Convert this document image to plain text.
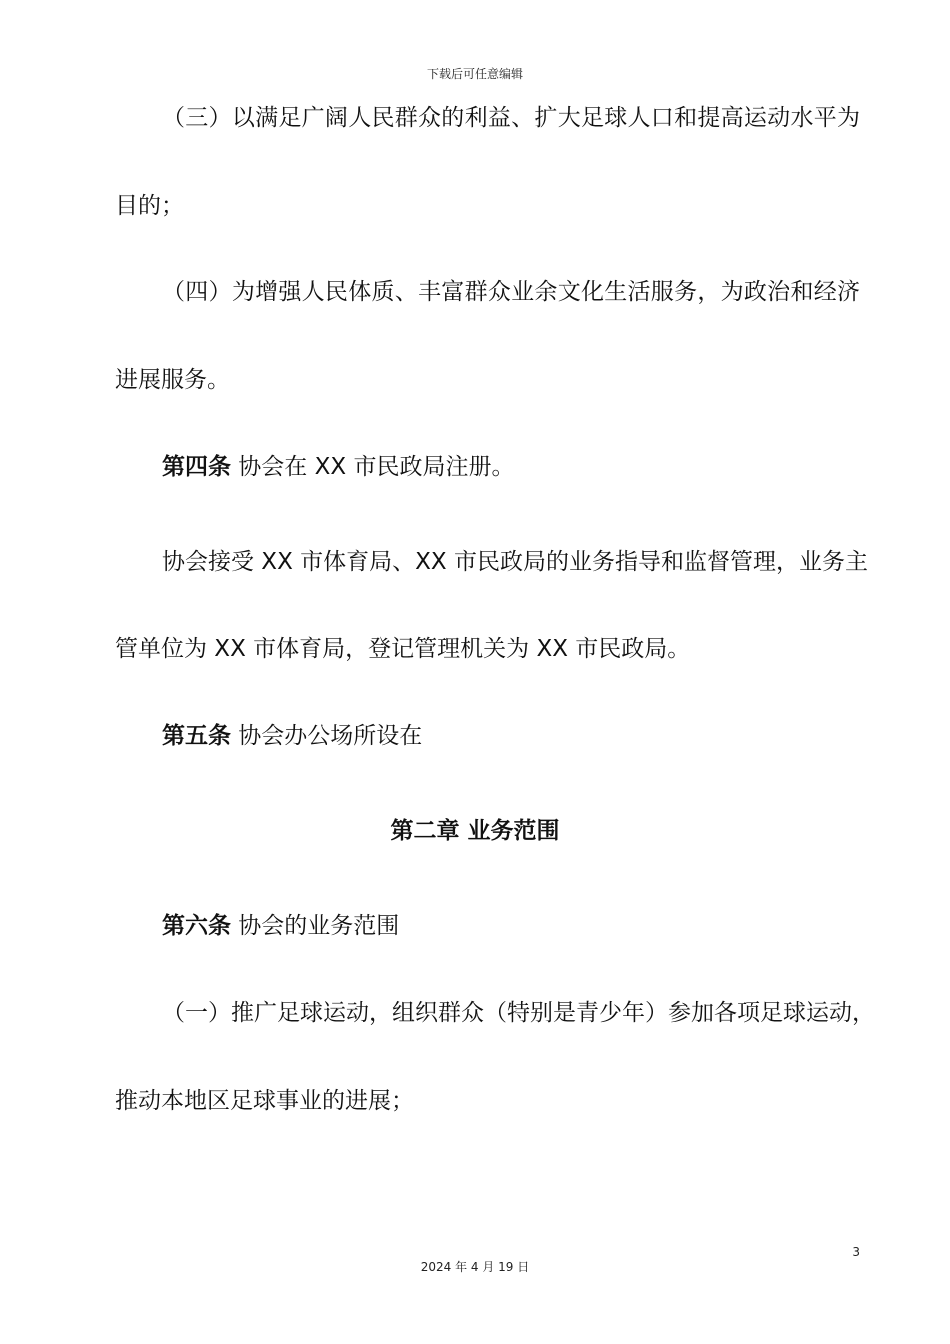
下载后可任意编辑
（三）以满足广阔人民群众的利益、扩大足球人口和提高运动水平为
目的；
（四）为增强人民体质、丰富群众业余文化生活服务，为政治和经济
进展服务。
第四条 协会在 XX 市民政局注册。
协会接受 XX 市体育局、XX 市民政局的业务指导和监督管理，业务主
管单位为 XX 市体育局，登记管理机关为 XX 市民政局。
第五条 协会办公场所设在
第二章 业务范围
第六条 协会的业务范围
（一）推广足球运动，组织群众（特别是青少年）参加各项足球运动，
推动本地区足球事业的进展；
3
2024 年 4 月 19 日
